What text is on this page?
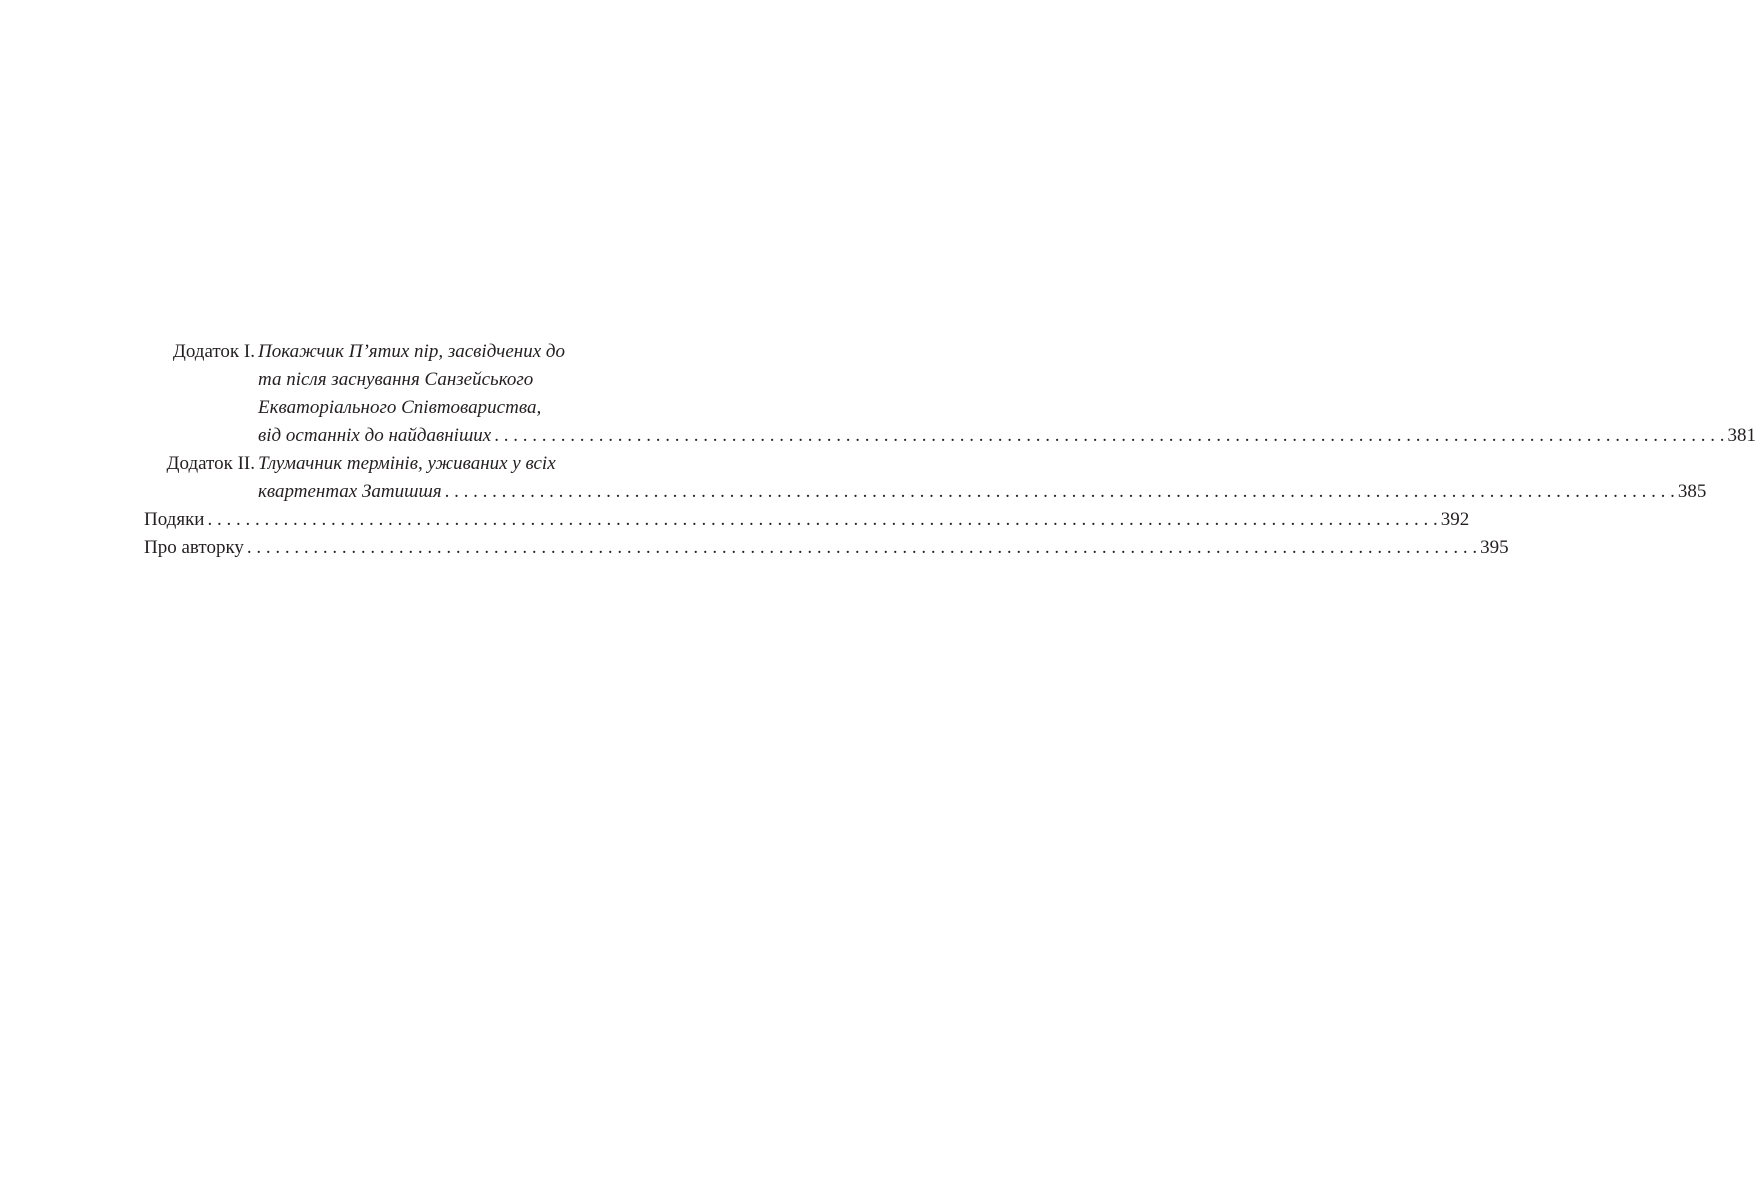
Додаток І. Покажчик П’ятих пір, засвідчених до
та після заснування Санзейського
Екваторіального Співтовариства,
від останніх до найдавніших . . .	381
Додаток ІІ. Тлумачник термінів, уживаних у всіх
квартентах Затишшя . . .	385
Подяки . . .	392
Про авторку . . .	395
